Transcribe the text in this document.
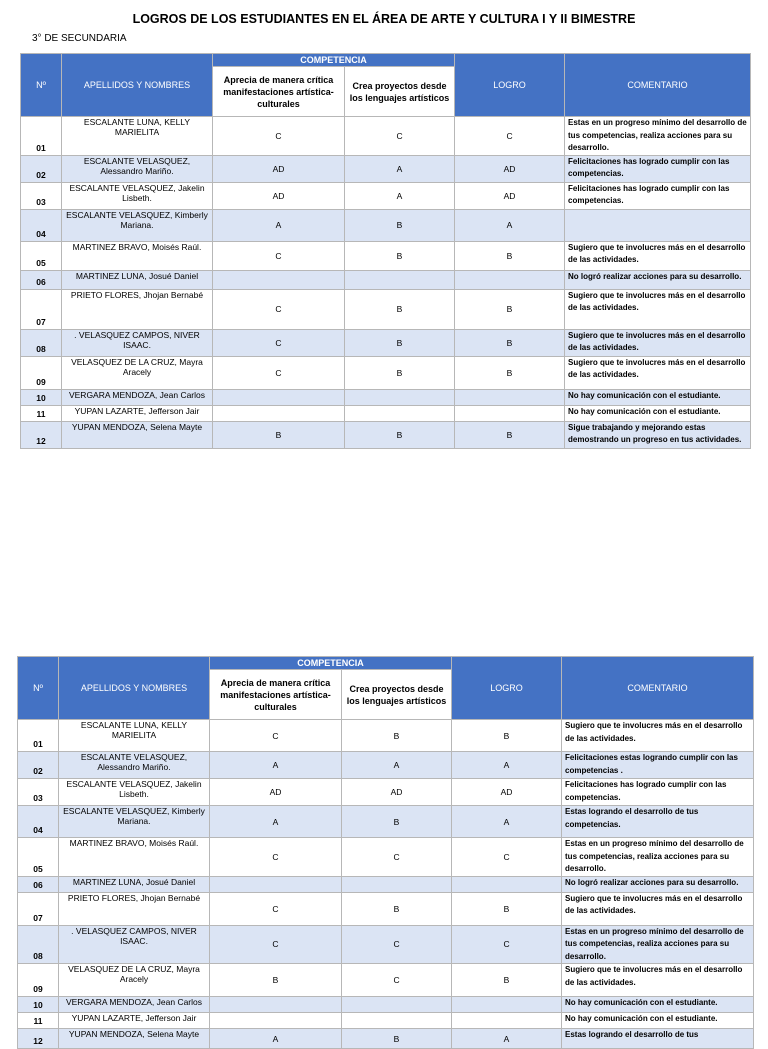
LOGROS DE LOS ESTUDIANTES EN EL ÁREA DE ARTE Y CULTURA I Y II BIMESTRE
3° DE SECUNDARIA
Nº	APELLIDOS Y NOMBRES	COMPETENCIA		LOGRO	COMENTARIO
		Aprecia de manera crítica manifestaciones artística-culturales	Crea proyectos desde los lenguajes artísticos		
01	ESCALANTE LUNA, KELLY MARIELITA	C	C	C	Estas en un progreso mínimo del desarrollo de tus competencias, realiza acciones para su desarrollo.
02	ESCALANTE VELASQUEZ, Alessandro Mariño.	AD	A	AD	Felicitaciones has logrado cumplir con las competencias.
03	ESCALANTE VELASQUEZ, Jakelin Lisbeth.	AD	A	AD	Felicitaciones has logrado cumplir con las competencias.
04	ESCALANTE VELASQUEZ, Kimberly Mariana.	A	B	A	
05	MARTINEZ BRAVO, Moisés Raúl.	C	B	B	Sugiero que te involucres más en el desarrollo de las actividades.
06	MARTINEZ LUNA, Josué Daniel				No logró realizar acciones para su desarrollo.
07	PRIETO FLORES, Jhojan Bernabé	C	B	B	Sugiero que te involucres más en el desarrollo de las actividades.
08	. VELASQUEZ CAMPOS, NIVER ISAAC.	C	B	B	Sugiero que te involucres más en el desarrollo de las actividades.
09	VELASQUEZ DE LA CRUZ, Mayra Aracely	C	B	B	Sugiero que te involucres más en el desarrollo de las actividades.
10	VERGARA MENDOZA, Jean Carlos				No hay comunicación con el estudiante.
11	YUPAN LAZARTE, Jefferson Jair				No hay comunicación con el estudiante.
12	YUPAN MENDOZA, Selena Mayte	B	B	B	Sigue trabajando y mejorando estas demostrando un progreso en tus actividades.
Nº	APELLIDOS Y NOMBRES	COMPETENCIA		LOGRO	COMENTARIO
		Aprecia de manera crítica manifestaciones artística-culturales	Crea proyectos desde los lenguajes artísticos		
01	ESCALANTE LUNA, KELLY MARIELITA	C	B	B	Sugiero que te involucres más en el desarrollo de las actividades.
02	ESCALANTE VELASQUEZ, Alessandro Mariño.	A	A	A	Felicitaciones estas logrando cumplir con las competencias .
03	ESCALANTE VELASQUEZ, Jakelin Lisbeth.	AD	AD	AD	Felicitaciones has logrado cumplir con las competencias.
04	ESCALANTE VELASQUEZ, Kimberly Mariana.	A	B	A	Estas logrando el desarrollo de tus competencias.
05	MARTINEZ BRAVO, Moisés Raúl.	C	C	C	Estas en un progreso mínimo del desarrollo de tus competencias, realiza acciones para su desarrollo.
06	MARTINEZ LUNA, Josué Daniel				No logró realizar acciones para su desarrollo.
07	PRIETO FLORES, Jhojan Bernabé	C	B	B	Sugiero que te involucres más en el desarrollo de las actividades.
08	. VELASQUEZ CAMPOS, NIVER ISAAC.	C	C	C	Estas en un progreso mínimo del desarrollo de tus competencias, realiza acciones para su desarrollo.
09	VELASQUEZ DE LA CRUZ, Mayra Aracely	B	C	B	Sugiero que te involucres más en el desarrollo de las actividades.
10	VERGARA MENDOZA, Jean Carlos				No hay comunicación con el estudiante.
11	YUPAN LAZARTE, Jefferson Jair				No hay comunicación con el estudiante.
12	YUPAN MENDOZA, Selena Mayte	A	B	A	Estas logrando el desarrollo de tus
